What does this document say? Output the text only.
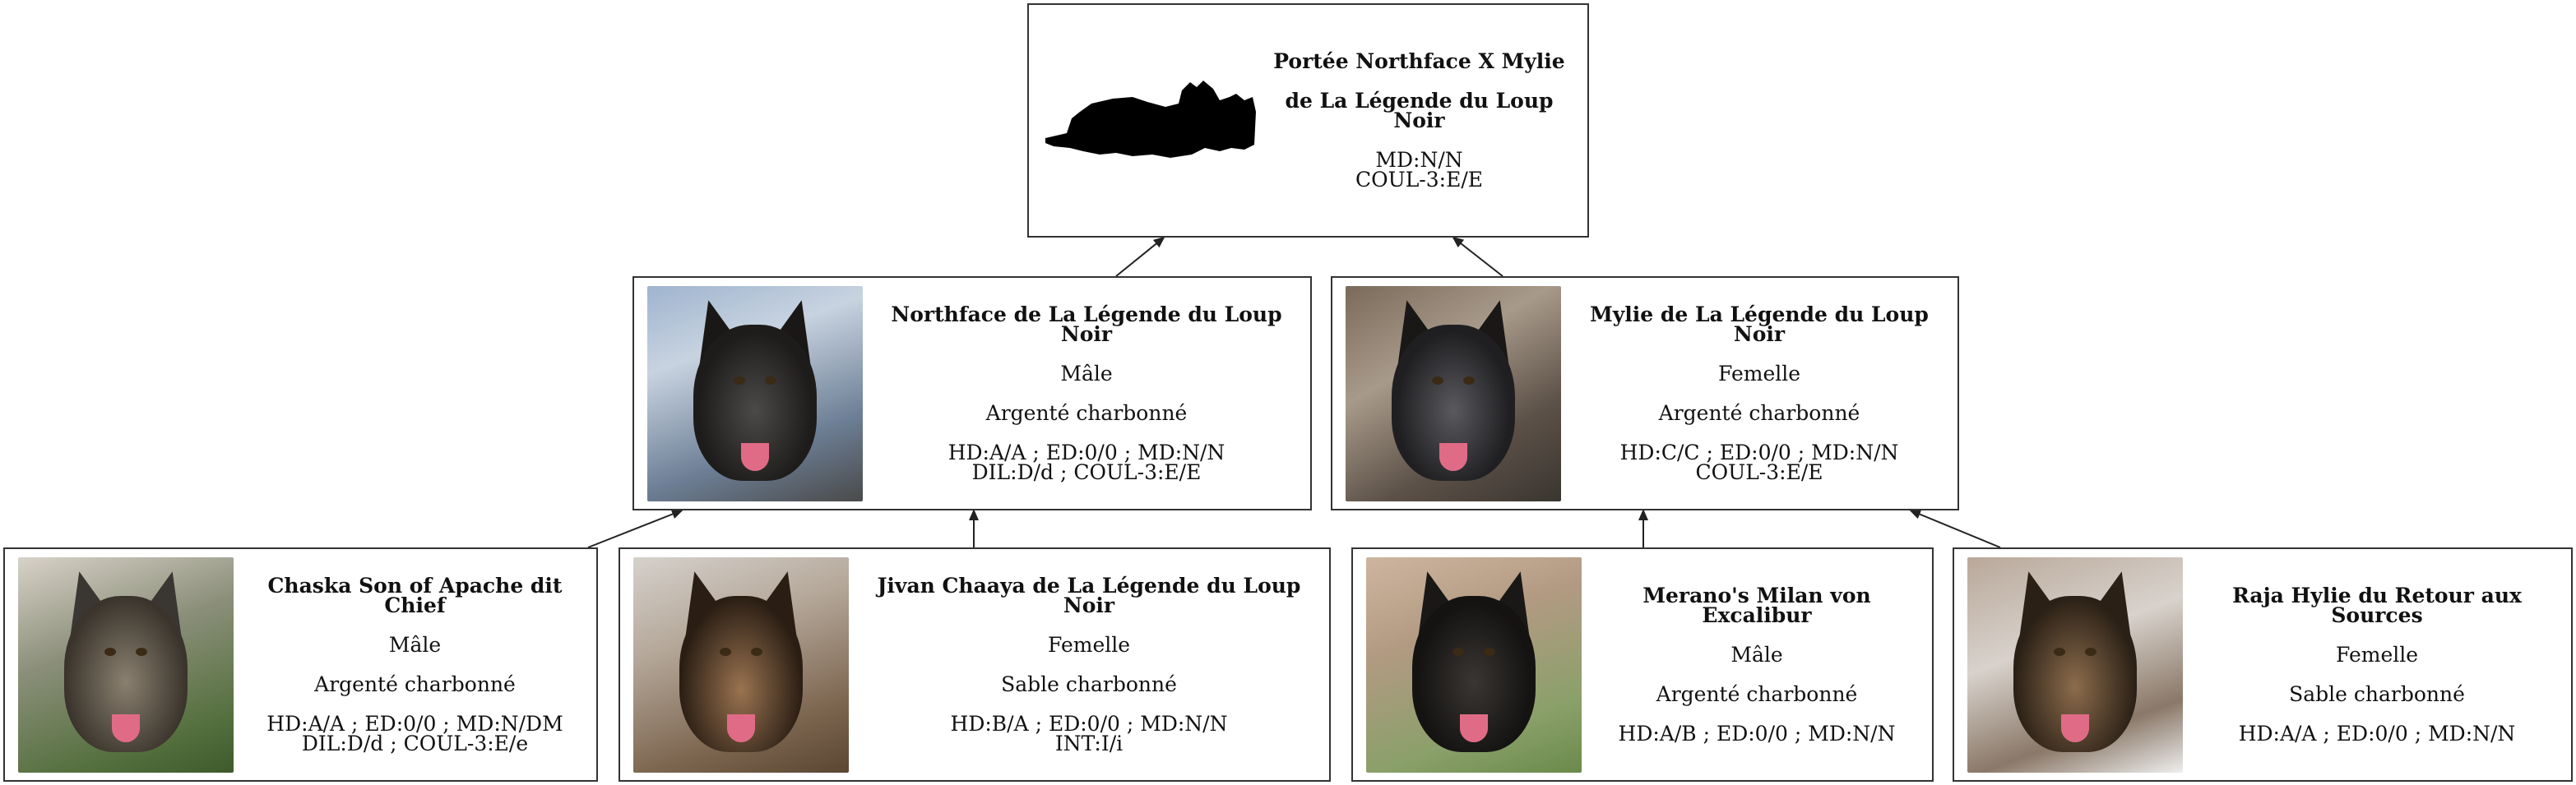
Portée Northface X Mylie
de La Légende du Loup Noir
MD:N/N
COUL-3:E/E
Northface de La Légende du Loup Noir
Mâle
Argenté charbonné
HD:A/A ; ED:0/0 ; MD:N/N
DIL:D/d ; COUL-3:E/E
Mylie de La Légende du Loup Noir
Femelle
Argenté charbonné
HD:C/C ; ED:0/0 ; MD:N/N
COUL-3:E/E
Chaska Son of Apache dit Chief
Mâle
Argenté charbonné
HD:A/A ; ED:0/0 ; MD:N/DM
DIL:D/d ; COUL-3:E/e
Jivan Chaaya de La Légende du Loup Noir
Femelle
Sable charbonné
HD:B/A ; ED:0/0 ; MD:N/N
INT:I/i
Merano's Milan von Excalibur
Mâle
Argenté charbonné
HD:A/B ; ED:0/0 ; MD:N/N
Raja Hylie du Retour aux Sources
Femelle
Sable charbonné
HD:A/A ; ED:0/0 ; MD:N/N
